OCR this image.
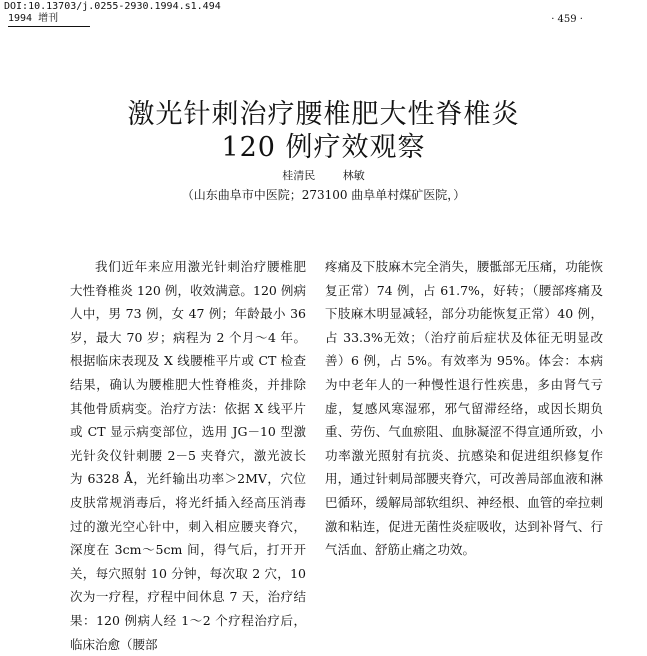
DOI:10.13703/j.0255-2930.1994.s1.494
1994 增刊	· 459 ·
激光针刺治疗腰椎肥大性脊椎炎
120 例疗效观察
桂清民 林敏
（山东曲阜市中医院；273100 曲阜单村煤矿医院，）

我们近年来应用激光针刺治疗腰椎肥大性脊椎炎 120 例，收效满意。120 例病人中，男 73 例，女 47 例；年龄最小 36 岁，最大 70 岁；病程为 2 个月～4 年。根据临床表现及 X 线腰椎平片或 CT 检查结果，确认为腰椎肥大性脊椎炎，并排除其他骨质病变。治疗方法：依据 X 线平片或 CT 显示病变部位，选用 JG－10 型激光针灸仪针刺腰 2－5 夹脊穴，激光波长为 6328 Å，光纤输出功率＞2MV，穴位皮肤常规消毒后，将光纤插入经高压消毒过的激光空心针中，刺入相应腰夹脊穴，深度在 3cm～5cm 间，得气后，打开开关，每穴照射 10 分钟，每次取 2 穴，10 次为一疗程，疗程中间休息 7 天，治疗结果：120 例病人经 1～2 个疗程治疗后，临床治愈（腰部

疼痛及下肢麻木完全消失，腰骶部无压痛，功能恢复正常）74 例，占 61.7%，好转；（腰部疼痛及下肢麻木明显减轻，部分功能恢复正常）40 例，占 33.3%无效；（治疗前后症状及体征无明显改善）6 例，占 5%。有效率为 95%。体会：本病为中老年人的一种慢性退行性疾患，多由肾气亏虚，复感风寒湿邪，邪气留滞经络，或因长期负重、劳伤、气血瘀阻、血脉凝涩不得宣通所致，小功率激光照射有抗炎、抗感染和促进组织修复作用，通过针刺局部腰夹脊穴，可改善局部血液和淋巴循环，缓解局部软组织、神经根、血管的牵拉刺激和粘连，促进无菌性炎症吸收，达到补肾气、行气活血、舒筋止痛之功效。
